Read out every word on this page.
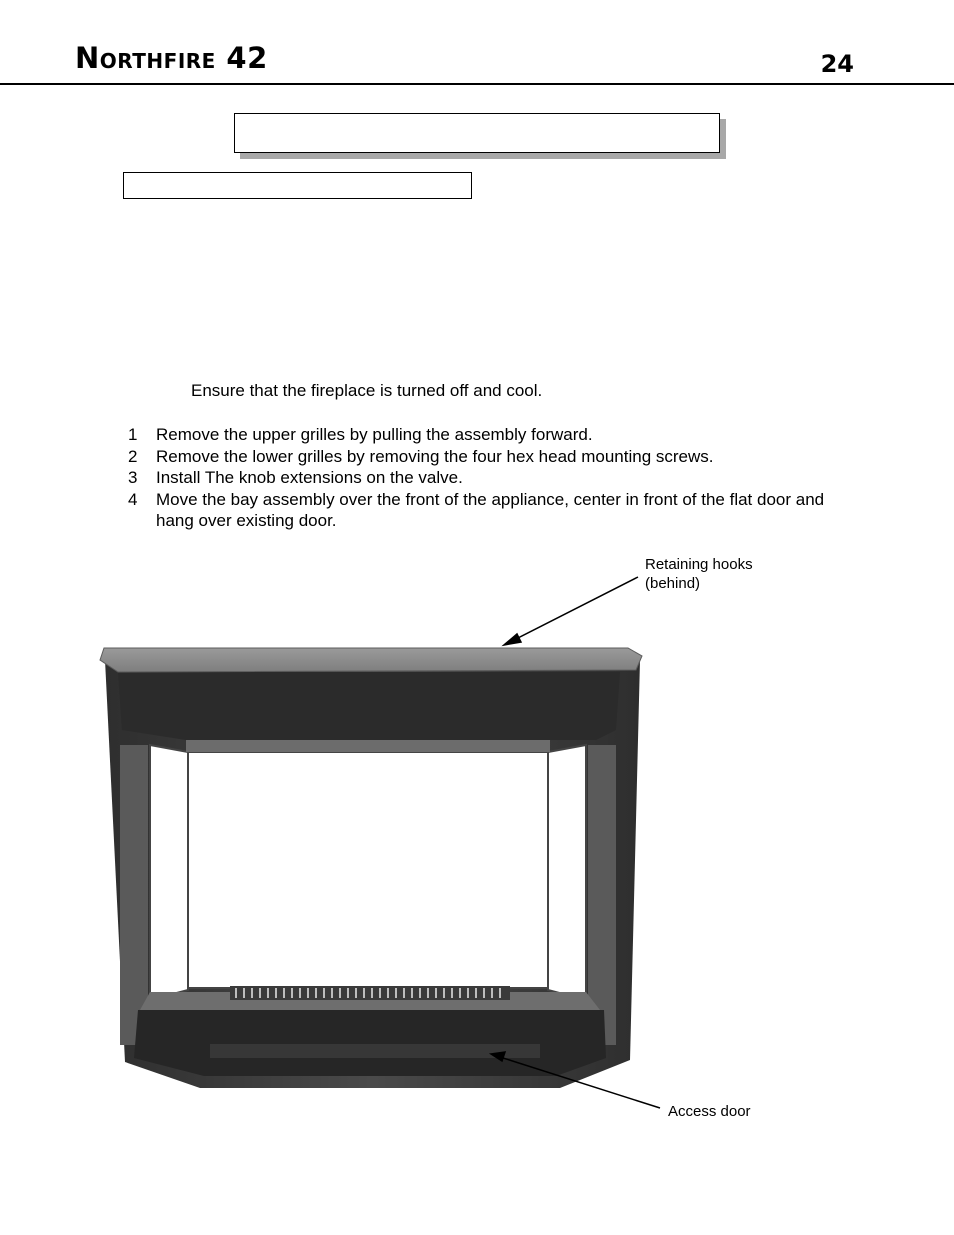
Northfire 42	24
Ensure that the fireplace is turned off and cool.
1	Remove the upper grilles by pulling the assembly forward.
2	Remove the lower grilles by removing the four hex head mounting screws.
3	Install The knob extensions on the valve.
4	Move the bay assembly over the front of the appliance, center in front of the flat door and hang over existing door.
Retaining hooks
(behind)
Access door
